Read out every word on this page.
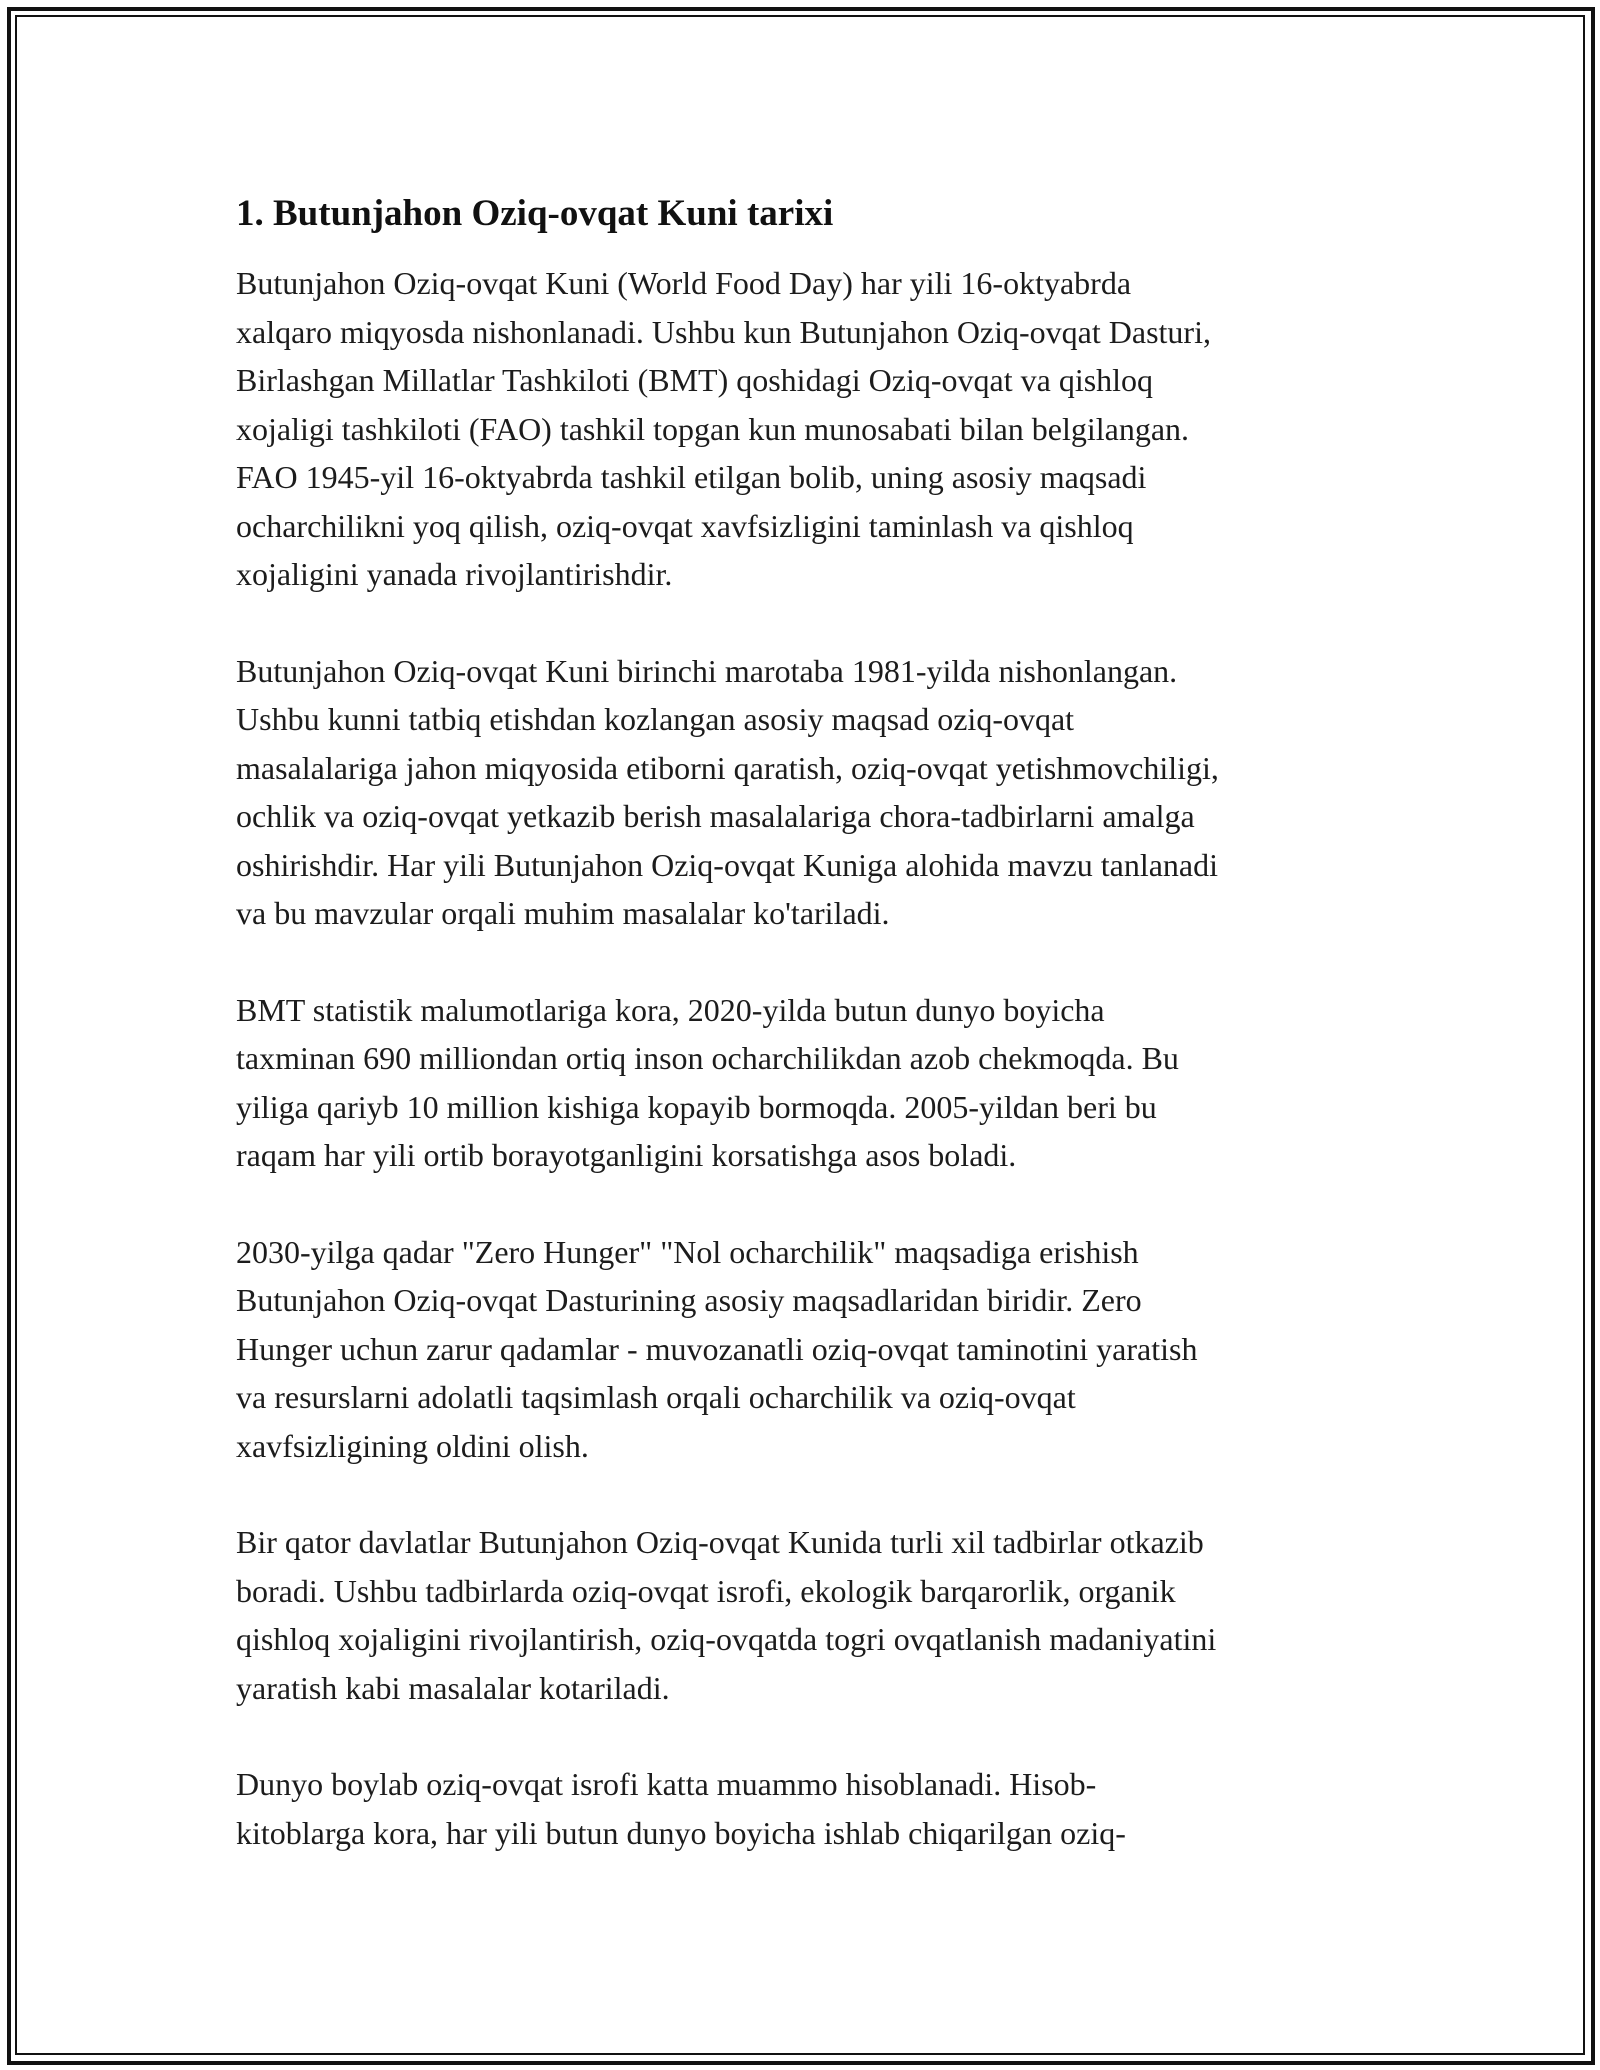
1. Butunjahon Oziq-ovqat Kuni tarixi

Butunjahon Oziq-ovqat Kuni (World Food Day) har yili 16-oktyabrda
xalqaro miqyosda nishonlanadi. Ushbu kun Butunjahon Oziq-ovqat Dasturi,
Birlashgan Millatlar Tashkiloti (BMT) qoshidagi Oziq-ovqat va qishloq
xojaligi tashkiloti (FAO) tashkil topgan kun munosabati bilan belgilangan.
FAO 1945-yil 16-oktyabrda tashkil etilgan bolib, uning asosiy maqsadi
ocharchilikni yoq qilish, oziq-ovqat xavfsizligini taminlash va qishloq
xojaligini yanada rivojlantirishdir.

Butunjahon Oziq-ovqat Kuni birinchi marotaba 1981-yilda nishonlangan.
Ushbu kunni tatbiq etishdan kozlangan asosiy maqsad oziq-ovqat
masalalariga jahon miqyosida etiborni qaratish, oziq-ovqat yetishmovchiligi,
ochlik va oziq-ovqat yetkazib berish masalalariga chora-tadbirlarni amalga
oshirishdir. Har yili Butunjahon Oziq-ovqat Kuniga alohida mavzu tanlanadi
va bu mavzular orqali muhim masalalar ko'tariladi.

BMT statistik malumotlariga kora, 2020-yilda butun dunyo boyicha
taxminan 690 milliondan ortiq inson ocharchilikdan azob chekmoqda. Bu
yiliga qariyb 10 million kishiga kopayib bormoqda. 2005-yildan beri bu
raqam har yili ortib borayotganligini korsatishga asos boladi.

2030-yilga qadar "Zero Hunger" "Nol ocharchilik" maqsadiga erishish
Butunjahon Oziq-ovqat Dasturining asosiy maqsadlaridan biridir. Zero
Hunger uchun zarur qadamlar - muvozanatli oziq-ovqat taminotini yaratish
va resurslarni adolatli taqsimlash orqali ocharchilik va oziq-ovqat
xavfsizligining oldini olish.

Bir qator davlatlar Butunjahon Oziq-ovqat Kunida turli xil tadbirlar otkazib
boradi. Ushbu tadbirlarda oziq-ovqat isrofi, ekologik barqarorlik, organik
qishloq xojaligini rivojlantirish, oziq-ovqatda togri ovqatlanish madaniyatini
yaratish kabi masalalar kotariladi.

Dunyo boylab oziq-ovqat isrofi katta muammo hisoblanadi. Hisob-
kitoblarga kora, har yili butun dunyo boyicha ishlab chiqarilgan oziq-
